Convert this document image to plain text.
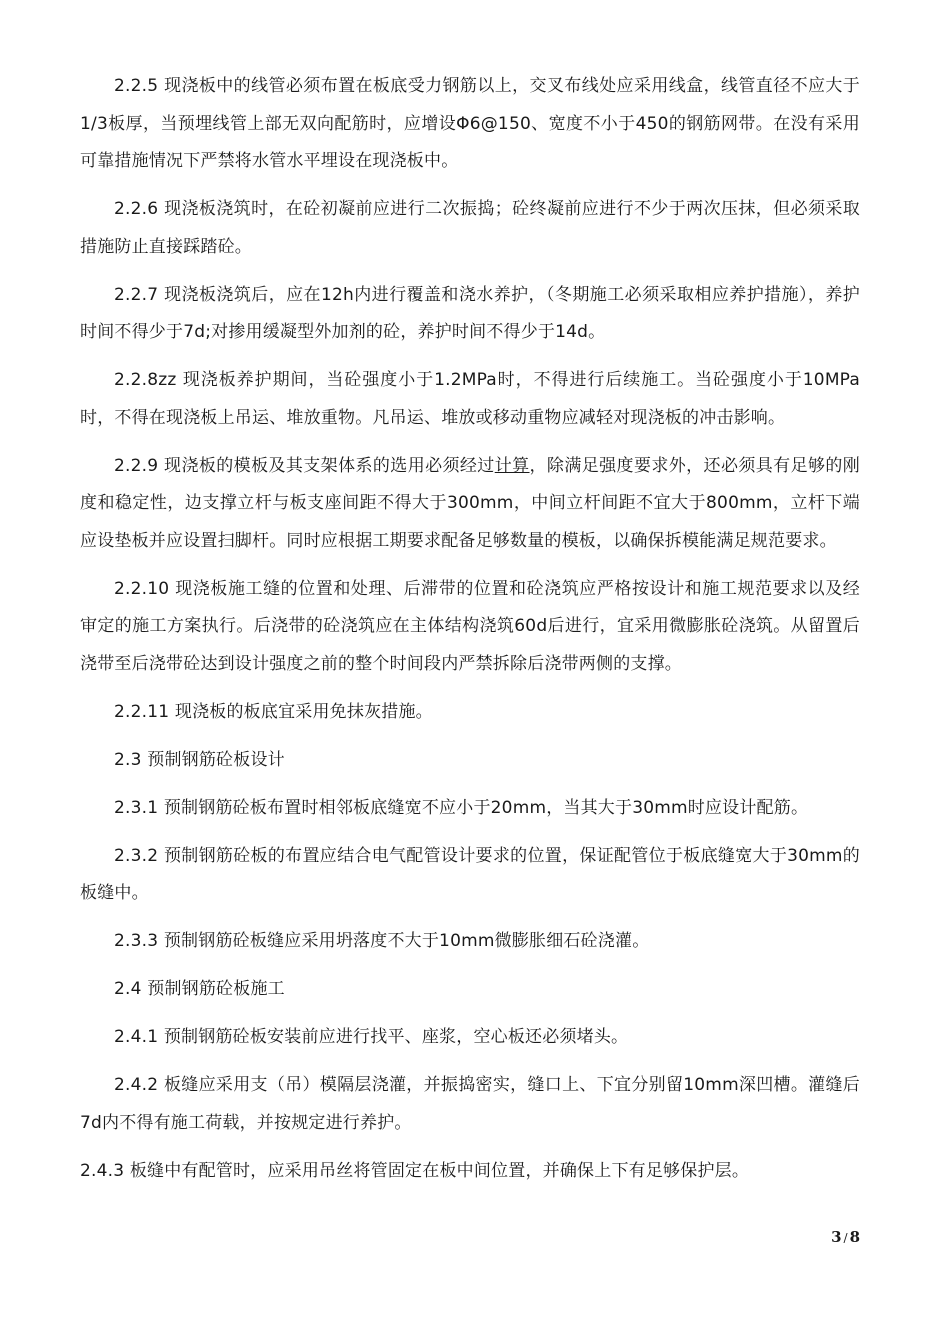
2.2.5 现浇板中的线管必须布置在板底受力钢筋以上，交叉布线处应采用线盒，线管直径不应大于1/3板厚，当预埋线管上部无双向配筋时，应增设Φ6@150、宽度不小于450的钢筋网带。在没有采用可靠措施情况下严禁将水管水平埋设在现浇板中。

2.2.6 现浇板浇筑时，在砼初凝前应进行二次振捣；砼终凝前应进行不少于两次压抹，但必须采取措施防止直接踩踏砼。

2.2.7 现浇板浇筑后，应在12h内进行覆盖和浇水养护，（冬期施工必须采取相应养护措施），养护时间不得少于7d;对掺用缓凝型外加剂的砼，养护时间不得少于14d。

2.2.8zz 现浇板养护期间，当砼强度小于1.2MPa时，不得进行后续施工。当砼强度小于10MPa时，不得在现浇板上吊运、堆放重物。凡吊运、堆放或移动重物应减轻对现浇板的冲击影响。

2.2.9 现浇板的模板及其支架体系的选用必须经过计算，除满足强度要求外，还必须具有足够的刚度和稳定性，边支撑立杆与板支座间距不得大于300mm，中间立杆间距不宜大于800mm，立杆下端应设垫板并应设置扫脚杆。同时应根据工期要求配备足够数量的模板，以确保拆模能满足规范要求。

2.2.10 现浇板施工缝的位置和处理、后滞带的位置和砼浇筑应严格按设计和施工规范要求以及经审定的施工方案执行。后浇带的砼浇筑应在主体结构浇筑60d后进行，宜采用微膨胀砼浇筑。从留置后浇带至后浇带砼达到设计强度之前的整个时间段内严禁拆除后浇带两侧的支撑。

2.2.11 现浇板的板底宜采用免抹灰措施。

2.3 预制钢筋砼板设计

2.3.1 预制钢筋砼板布置时相邻板底缝宽不应小于20mm，当其大于30mm时应设计配筋。

2.3.2 预制钢筋砼板的布置应结合电气配管设计要求的位置，保证配管位于板底缝宽大于30mm的板缝中。

2.3.3 预制钢筋砼板缝应采用坍落度不大于10mm微膨胀细石砼浇灌。

2.4 预制钢筋砼板施工

2.4.1 预制钢筋砼板安装前应进行找平、座浆，空心板还必须堵头。

2.4.2 板缝应采用支（吊）模隔层浇灌，并振捣密实，缝口上、下宜分别留10mm深凹槽。灌缝后7d内不得有施工荷载，并按规定进行养护。

2.4.3 板缝中有配管时，应采用吊丝将管固定在板中间位置，并确保上下有足够保护层。

3 / 8
